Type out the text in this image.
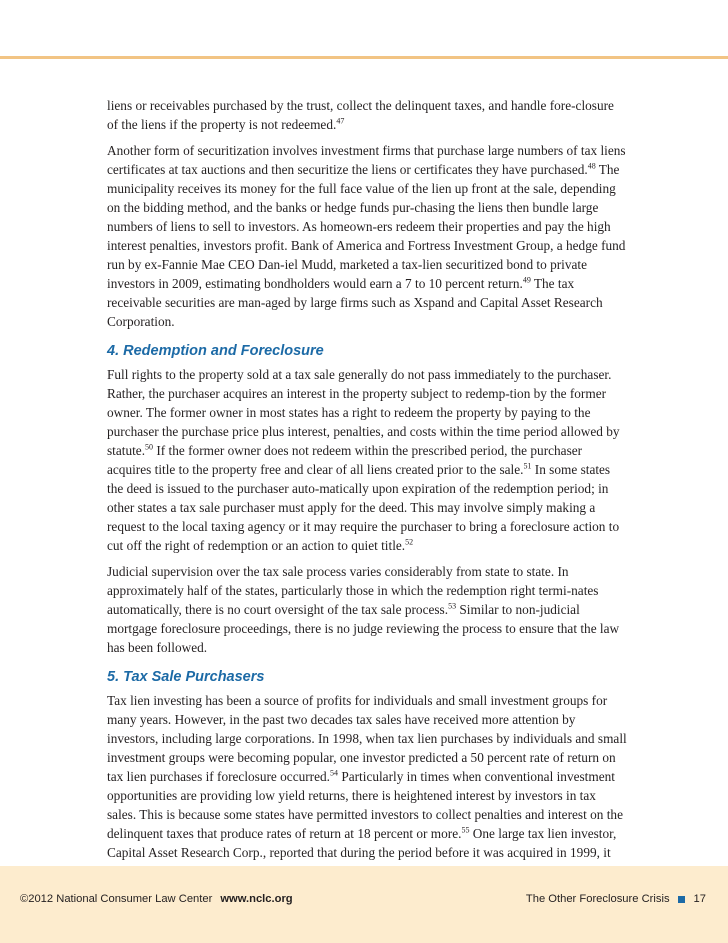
liens or receivables purchased by the trust, collect the delinquent taxes, and handle fore-closure of the liens if the property is not redeemed.$^{47}$

Another form of securitization involves investment firms that purchase large numbers of tax liens certificates at tax auctions and then securitize the liens or certificates they have purchased.$^{48}$ The municipality receives its money for the full face value of the lien up front at the sale, depending on the bidding method, and the banks or hedge funds pur-chasing the liens then bundle large numbers of liens to sell to investors. As homeown-ers redeem their properties and pay the high interest penalties, investors profit. Bank of America and Fortress Investment Group, a hedge fund run by ex-Fannie Mae CEO Dan-iel Mudd, marketed a tax-lien securitized bond to private investors in 2009, estimating bondholders would earn a 7 to 10 percent return.$^{49}$ The tax receivable securities are man-aged by large firms such as Xspand and Capital Asset Research Corporation.

4. Redemption and Foreclosure

Full rights to the property sold at a tax sale generally do not pass immediately to the purchaser. Rather, the purchaser acquires an interest in the property subject to redemp-tion by the former owner. The former owner in most states has a right to redeem the property by paying to the purchaser the purchase price plus interest, penalties, and costs within the time period allowed by statute.$^{50}$ If the former owner does not redeem within the prescribed period, the purchaser acquires title to the property free and clear of all liens created prior to the sale.$^{51}$ In some states the deed is issued to the purchaser auto-matically upon expiration of the redemption period; in other states a tax sale purchaser must apply for the deed. This may involve simply making a request to the local taxing agency or it may require the purchaser to bring a foreclosure action to cut off the right of redemption or an action to quiet title.$^{52}$

Judicial supervision over the tax sale process varies considerably from state to state. In approximately half of the states, particularly those in which the redemption right termi-nates automatically, there is no court oversight of the tax sale process.$^{53}$ Similar to non-judicial mortgage foreclosure proceedings, there is no judge reviewing the process to ensure that the law has been followed.

5. Tax Sale Purchasers

Tax lien investing has been a source of profits for individuals and small investment groups for many years. However, in the past two decades tax sales have received more attention by investors, including large corporations. In 1998, when tax lien purchases by individuals and small investment groups were becoming popular, one investor predicted a 50 percent rate of return on tax lien purchases if foreclosure occurred.$^{54}$ Particularly in times when conventional investment opportunities are providing low yield returns, there is heightened interest by investors in tax sales. This is because some states have permitted investors to collect penalties and interest on the delinquent taxes that produce rates of return at 18 percent or more.$^{55}$ One large tax lien investor, Capital Asset Research Corp., reported that during the period before it was acquired in 1999, it

©2012 National Consumer Law Center www.nclc.org	The Other Foreclosure Crisis 17
